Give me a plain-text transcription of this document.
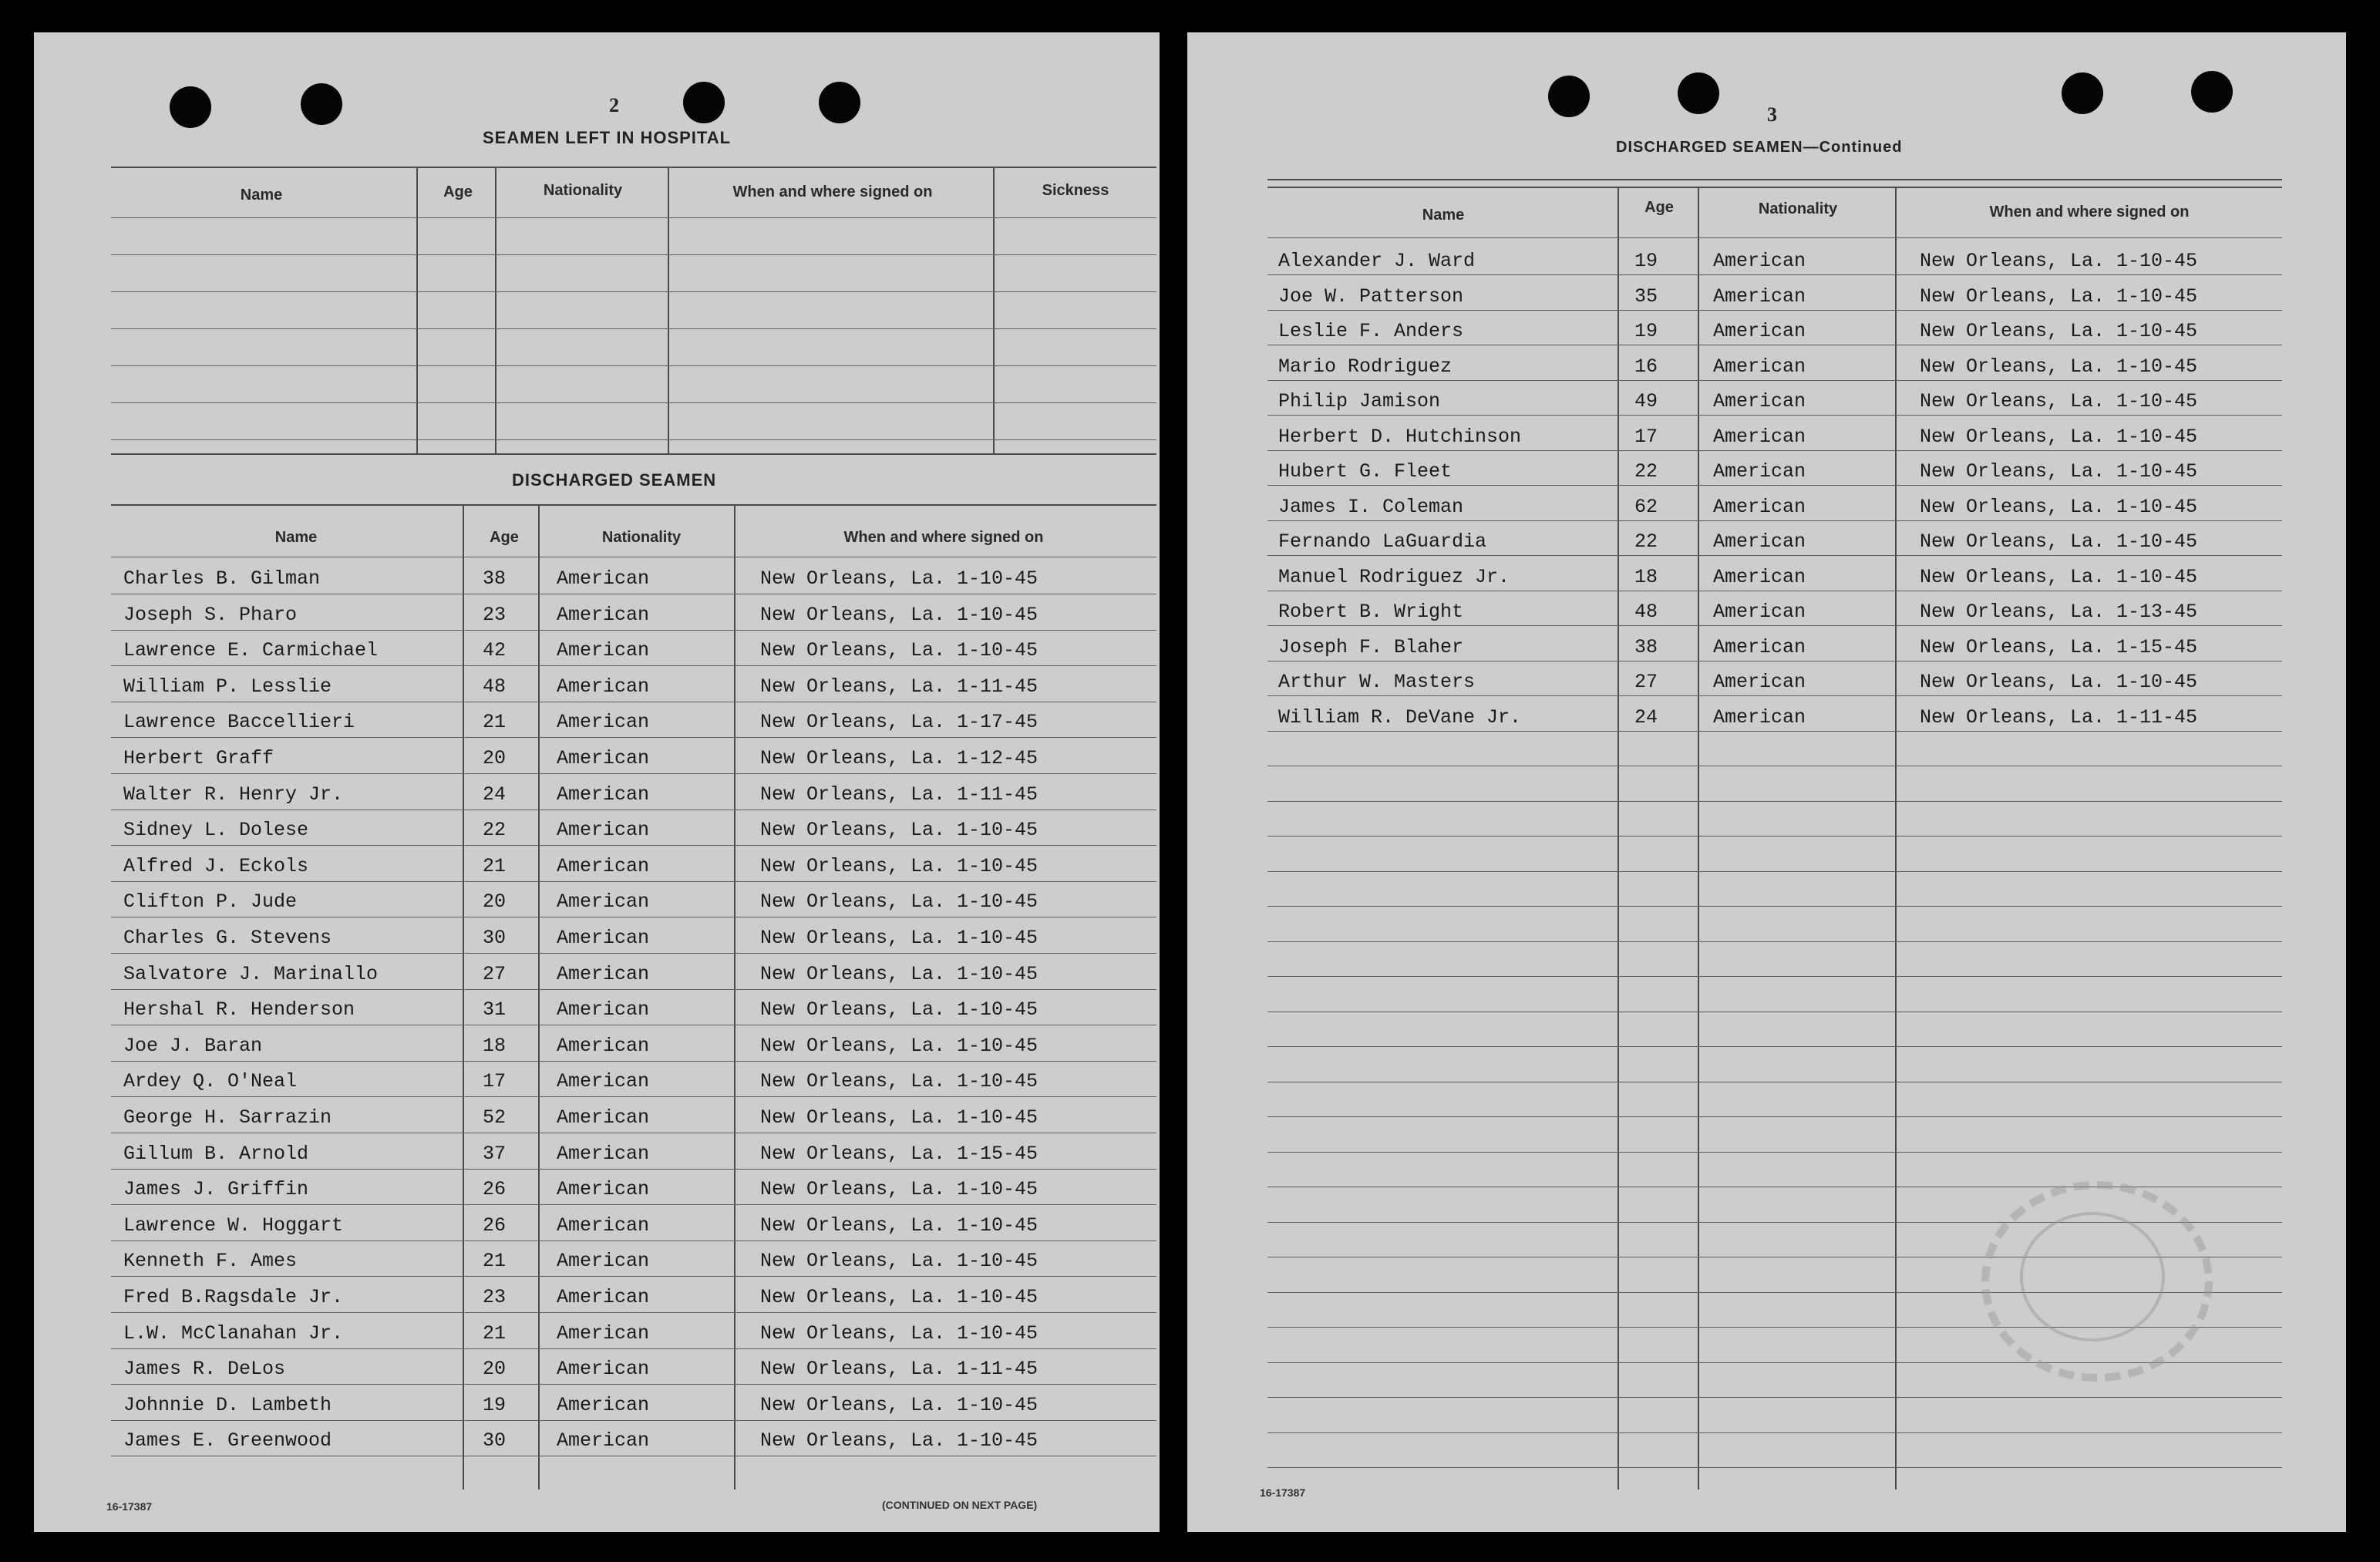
2
SEAMEN LEFT IN HOSPITAL
Name	Age	Nationality	When and where signed on	Sickness
DISCHARGED SEAMEN
Name	Age	Nationality	When and where signed on
Charles B. Gilman	38	American	New Orleans, La. 1-10-45
Joseph S. Pharo	23	American	New Orleans, La. 1-10-45
Lawrence E. Carmichael	42	American	New Orleans, La. 1-10-45
William P. Lesslie	48	American	New Orleans, La. 1-11-45
Lawrence Baccellieri	21	American	New Orleans, La. 1-17-45
Herbert Graff	20	American	New Orleans, La. 1-12-45
Walter R. Henry Jr.	24	American	New Orleans, La. 1-11-45
Sidney L. Dolese	22	American	New Orleans, La. 1-10-45
Alfred J. Eckols	21	American	New Orleans, La. 1-10-45
Clifton P. Jude	20	American	New Orleans, La. 1-10-45
Charles G. Stevens	30	American	New Orleans, La. 1-10-45
Salvatore J. Marinallo	27	American	New Orleans, La. 1-10-45
Hershal R. Henderson	31	American	New Orleans, La. 1-10-45
Joe J. Baran	18	American	New Orleans, La. 1-10-45
Ardey Q. O'Neal	17	American	New Orleans, La. 1-10-45
George H. Sarrazin	52	American	New Orleans, La. 1-10-45
Gillum B. Arnold	37	American	New Orleans, La. 1-15-45
James J. Griffin	26	American	New Orleans, La. 1-10-45
Lawrence W. Hoggart	26	American	New Orleans, La. 1-10-45
Kenneth F. Ames	21	American	New Orleans, La. 1-10-45
Fred B.Ragsdale Jr.	23	American	New Orleans, La. 1-10-45
L.W. McClanahan Jr.	21	American	New Orleans, La. 1-10-45
James R. DeLos	20	American	New Orleans, La. 1-11-45
Johnnie D. Lambeth	19	American	New Orleans, La. 1-10-45
James E. Greenwood	30	American	New Orleans, La. 1-10-45
16-17387	(CONTINUED ON NEXT PAGE)
3
DISCHARGED SEAMEN—Continued
Name	Age	Nationality	When and where signed on
Alexander J. Ward	19	American	New Orleans, La. 1-10-45
Joe W. Patterson	35	American	New Orleans, La. 1-10-45
Leslie F. Anders	19	American	New Orleans, La. 1-10-45
Mario Rodriguez	16	American	New Orleans, La. 1-10-45
Philip Jamison	49	American	New Orleans, La. 1-10-45
Herbert D. Hutchinson	17	American	New Orleans, La. 1-10-45
Hubert G. Fleet	22	American	New Orleans, La. 1-10-45
James I. Coleman	62	American	New Orleans, La. 1-10-45
Fernando LaGuardia	22	American	New Orleans, La. 1-10-45
Manuel Rodriguez Jr.	18	American	New Orleans, La. 1-10-45
Robert B. Wright	48	American	New Orleans, La. 1-13-45
Joseph F. Blaher	38	American	New Orleans, La. 1-15-45
Arthur W. Masters	27	American	New Orleans, La. 1-10-45
William R. DeVane Jr.	24	American	New Orleans, La. 1-11-45
16-17387
